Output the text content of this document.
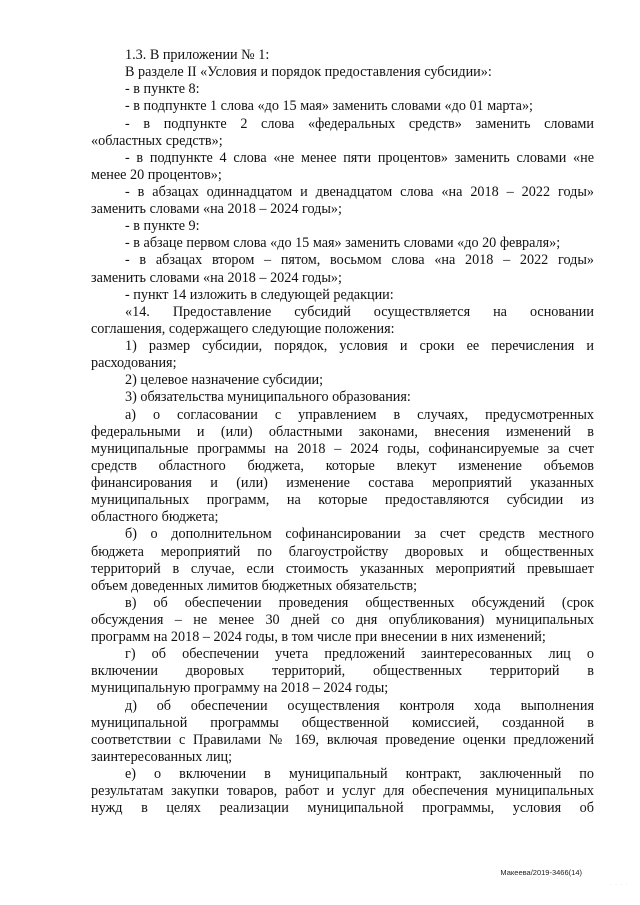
1.3. В приложении № 1:
В разделе II «Условия и порядок предоставления субсидии»:
- в пункте 8:
- в подпункте 1 слова «до 15 мая» заменить словами «до 01 марта»;
- в подпункте 2 слова «федеральных средств» заменить словами
«областных средств»;
- в подпункте 4 слова «не менее пяти процентов» заменить словами «не
менее 20 процентов»;
- в абзацах одиннадцатом и двенадцатом слова «на 2018 – 2022 годы»
заменить словами «на 2018 – 2024 годы»;
- в пункте 9:
- в абзаце первом слова «до 15 мая» заменить словами «до 20 февраля»;
- в абзацах втором – пятом, восьмом слова «на 2018 – 2022 годы»
заменить словами «на 2018 – 2024 годы»;
- пункт 14 изложить в следующей редакции:
«14. Предоставление субсидий осуществляется на основании
соглашения, содержащего следующие положения:
1) размер субсидии, порядок, условия и сроки ее перечисления и
расходования;
2) целевое назначение субсидии;
3) обязательства муниципального образования:
а) о согласовании с управлением в случаях, предусмотренных
федеральными и (или) областными законами, внесения изменений в
муниципальные программы на 2018 – 2024 годы, софинансируемые за счет
средств областного бюджета, которые влекут изменение объемов
финансирования и (или) изменение состава мероприятий указанных
муниципальных программ, на которые предоставляются субсидии из
областного бюджета;
б) о дополнительном софинансировании за счет средств местного
бюджета мероприятий по благоустройству дворовых и общественных
территорий в случае, если стоимость указанных мероприятий превышает
объем доведенных лимитов бюджетных обязательств;
в) об обеспечении проведения общественных обсуждений (срок
обсуждения – не менее 30 дней со дня опубликования) муниципальных
программ на 2018 – 2024 годы, в том числе при внесении в них изменений;
г) об обеспечении учета предложений заинтересованных лиц о
включении дворовых территорий, общественных территорий в
муниципальную программу на 2018 – 2024 годы;
д) об обеспечении осуществления контроля хода выполнения
муниципальной программы общественной комиссией, созданной в
соответствии с Правилами № 169, включая проведение оценки предложений
заинтересованных лиц;
е) о включении в муниципальный контракт, заключенный по
результатам закупки товаров, работ и услуг для обеспечения муниципальных
нужд в целях реализации муниципальной программы, условия об
Макеева/2019-3466(14)
· · · ·
